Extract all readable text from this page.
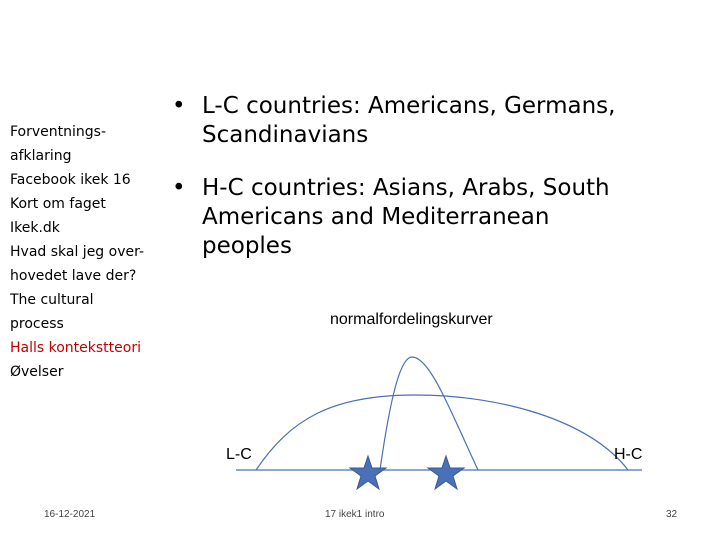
Forventnings-
afklaring
Facebook ikek 16
Kort om faget
Ikek.dk
Hvad skal jeg over-
hovedet lave der?
The cultural
process
Halls kontekstteori
Øvelser
• L-C countries: Americans, Germans,
Scandinavians
• H-C countries: Asians, Arabs, South
Americans and Mediterranean
peoples
normalfordelingskurver
L-C	H-C
16-12-2021	17 ikek1 intro	32
